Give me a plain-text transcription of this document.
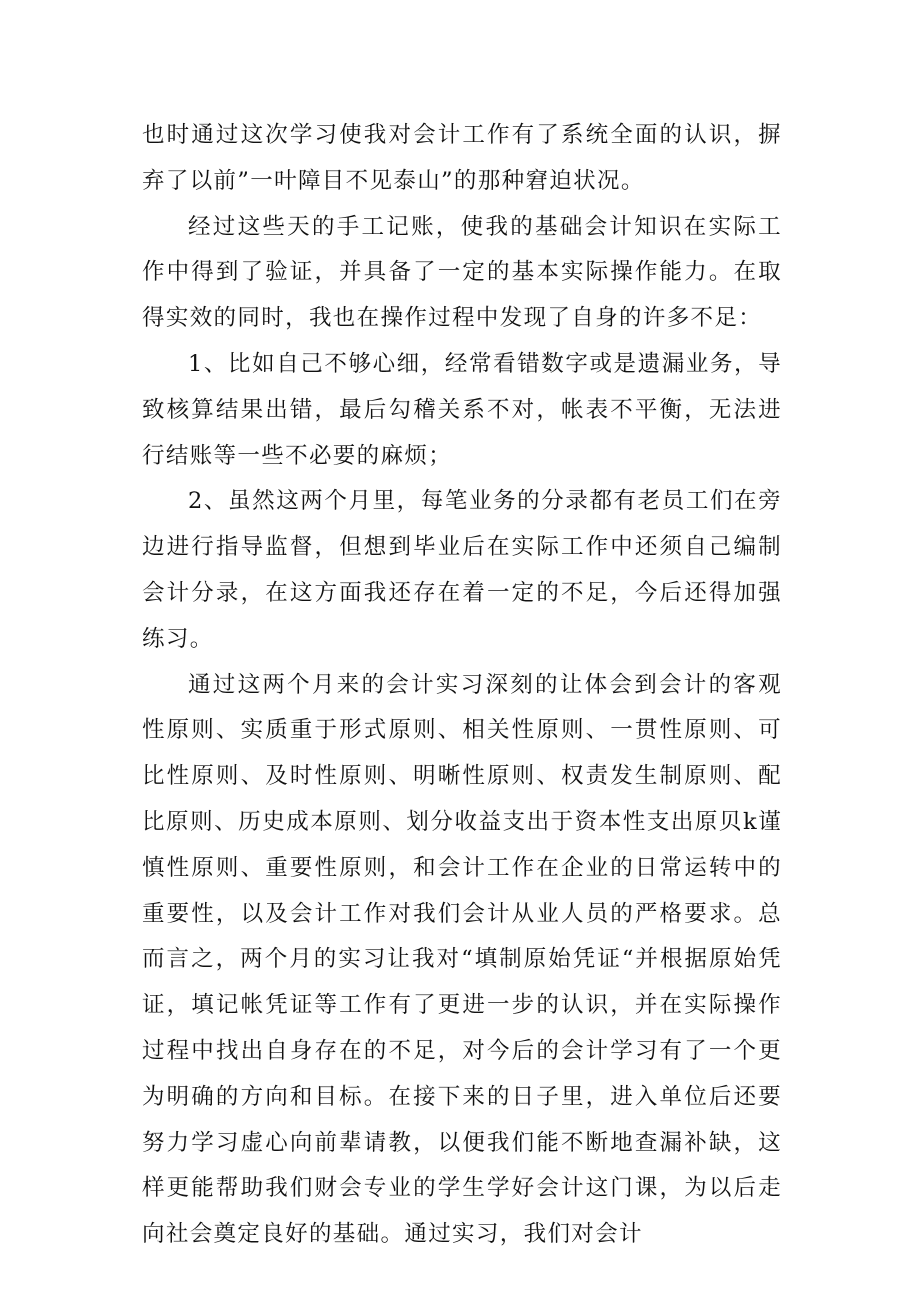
也时通过这次学习使我对会计工作有了系统全面的认识，摒弃了以前”一叶障目不见泰山”的那种窘迫状况。

经过这些天的手工记账，使我的基础会计知识在实际工作中得到了验证，并具备了一定的基本实际操作能力。在取得实效的同时，我也在操作过程中发现了自身的许多不足：

1、比如自己不够心细，经常看错数字或是遗漏业务，导致核算结果出错，最后勾稽关系不对，帐表不平衡，无法进行结账等一些不必要的麻烦；

2、虽然这两个月里，每笔业务的分录都有老员工们在旁边进行指导监督，但想到毕业后在实际工作中还须自己编制会计分录，在这方面我还存在着一定的不足，今后还得加强练习。

通过这两个月来的会计实习深刻的让体会到会计的客观性原则、实质重于形式原则、相关性原则、一贯性原则、可比性原则、及时性原则、明晰性原则、权责发生制原则、配比原则、历史成本原则、划分收益支出于资本性支出原贝k谨慎性原则、重要性原则，和会计工作在企业的日常运转中的重要性，以及会计工作对我们会计从业人员的严格要求。总而言之，两个月的实习让我对“填制原始凭证“并根据原始凭证，填记帐凭证等工作有了更进一步的认识，并在实际操作过程中找出自身存在的不足，对今后的会计学习有了一个更为明确的方向和目标。在接下来的日子里，进入单位后还要努力学习虚心向前辈请教，以便我们能不断地查漏补缺，这样更能帮助我们财会专业的学生学好会计这门课，为以后走向社会奠定良好的基础。通过实习，我们对会计
